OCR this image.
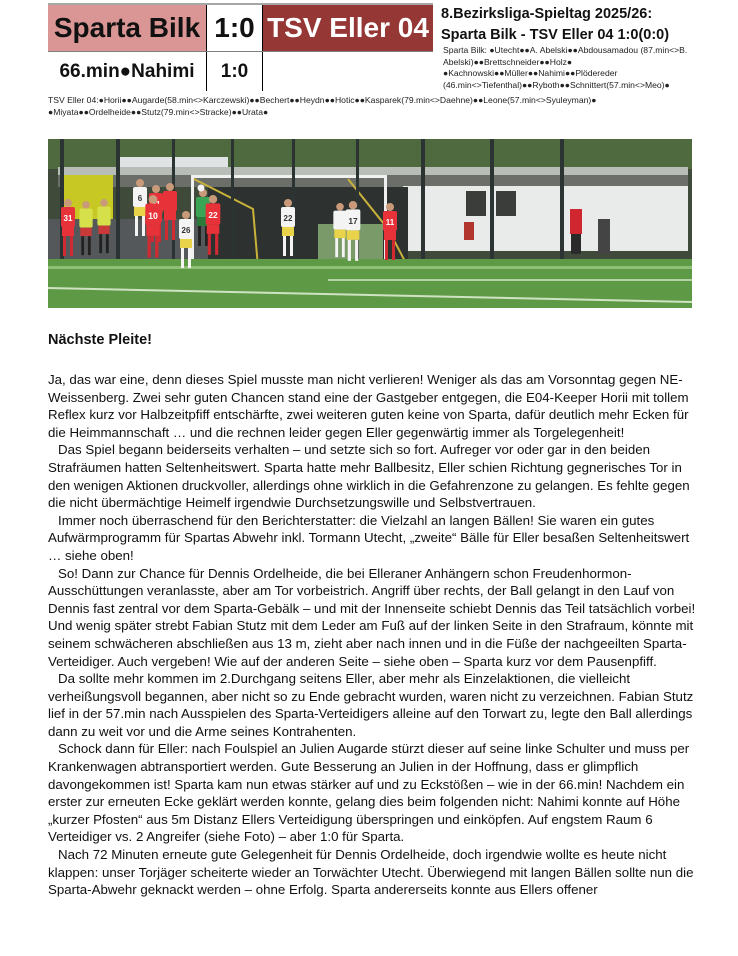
Sparta Bilk 1:0 TSV Eller 04
66.min●Nahimi	1:0
8.Bezirksliga-Spieltag 2025/26:
Sparta Bilk - TSV Eller 04 1:0(0:0)
Sparta Bilk: ●Utecht●●A. Abelski●●Abdousamadou (87.min<>B. Abelski)●●Brettschneider●●Holz● ●Kachnowski●●Müller●●Nahimi●●Plödereder (46.min<>Tiefenthal)●●Ryboth●●Schnittert(57.min<>Meo)●
TSV Eller 04:●Horii●●Augarde(58.min<>Karczewski)●●Bechert●●Heydn●●Hotic●●Kasparek(79.min<>Daehne)●●Leone(57.min<>Syuleyman)● ●Miyata●●Ordelheide●●Stutz(79.min<>Stracke)●●Urata●
31
6
10
26
22	22	17	11
Nächste Pleite!

Ja, das war eine, denn dieses Spiel musste man nicht verlieren! Weniger als das am Vorsonntag gegen NE-Weissenberg. Zwei sehr guten Chancen stand eine der Gastgeber entgegen, die E04-Keeper Horii mit tollem Reflex kurz vor Halbzeitpfiff entschärfte, zwei weiteren guten keine von Sparta, dafür deutlich mehr Ecken für die Heimmannschaft … und die rechnen leider gegen Eller gegenwärtig immer als Torgelegenheit!

Das Spiel begann beiderseits verhalten – und setzte sich so fort. Aufreger vor oder gar in den beiden Strafräumen hatten Seltenheitswert. Sparta hatte mehr Ballbesitz, Eller schien Richtung gegnerisches Tor in den wenigen Aktionen druckvoller, allerdings ohne wirklich in die Gefahrenzone zu gelangen. Es fehlte gegen die nicht übermächtige Heimelf irgendwie Durchsetzungswille und Selbstvertrauen.

Immer noch überraschend für den Berichterstatter: die Vielzahl an langen Bällen! Sie waren ein gutes Aufwärmprogramm für Spartas Abwehr inkl. Tormann Utecht, „zweite“ Bälle für Eller besaßen Seltenheitswert … siehe oben!

So! Dann zur Chance für Dennis Ordelheide, die bei Elleraner Anhängern schon Freudenhormon-Ausschüttungen veranlasste, aber am Tor vorbeistrich. Angriff über rechts, der Ball gelangt in den Lauf von Dennis fast zentral vor dem Sparta-Gebälk – und mit der Innenseite schiebt Dennis das Teil tatsächlich vorbei! Und wenig später strebt Fabian Stutz mit dem Leder am Fuß auf der linken Seite in den Strafraum, könnte mit seinem schwächeren abschließen aus 13 m, zieht aber nach innen und in die Füße der nachgeeilten Sparta-Verteidiger. Auch vergeben! Wie auf der anderen Seite – siehe oben – Sparta kurz vor dem Pausenpfiff.

Da sollte mehr kommen im 2.Durchgang seitens Eller, aber mehr als Einzelaktionen, die vielleicht verheißungsvoll begannen, aber nicht so zu Ende gebracht wurden, waren nicht zu verzeichnen. Fabian Stutz lief in der 57.min nach Ausspielen des Sparta-Verteidigers alleine auf den Torwart zu, legte den Ball allerdings dann zu weit vor und die Arme seines Kontrahenten.

Schock dann für Eller: nach Foulspiel an Julien Augarde stürzt dieser auf seine linke Schulter und muss per Krankenwagen abtransportiert werden. Gute Besserung an Julien in der Hoffnung, dass er glimpflich davongekommen ist! Sparta kam nun etwas stärker auf und zu Eckstößen – wie in der 66.min! Nachdem ein erster zur erneuten Ecke geklärt werden konnte, gelang dies beim folgenden nicht: Nahimi konnte auf Höhe „kurzer Pfosten“ aus 5m Distanz Ellers Verteidigung überspringen und einköpfen. Auf engstem Raum 6 Verteidiger vs. 2 Angreifer (siehe Foto) – aber 1:0 für Sparta.

Nach 72 Minuten erneute gute Gelegenheit für Dennis Ordelheide, doch irgendwie wollte es heute nicht klappen: unser Torjäger scheiterte wieder an Torwächter Utecht. Überwiegend mit langen Bällen sollte nun die Sparta-Abwehr geknackt werden – ohne Erfolg. Sparta andererseits konnte aus Ellers offener
